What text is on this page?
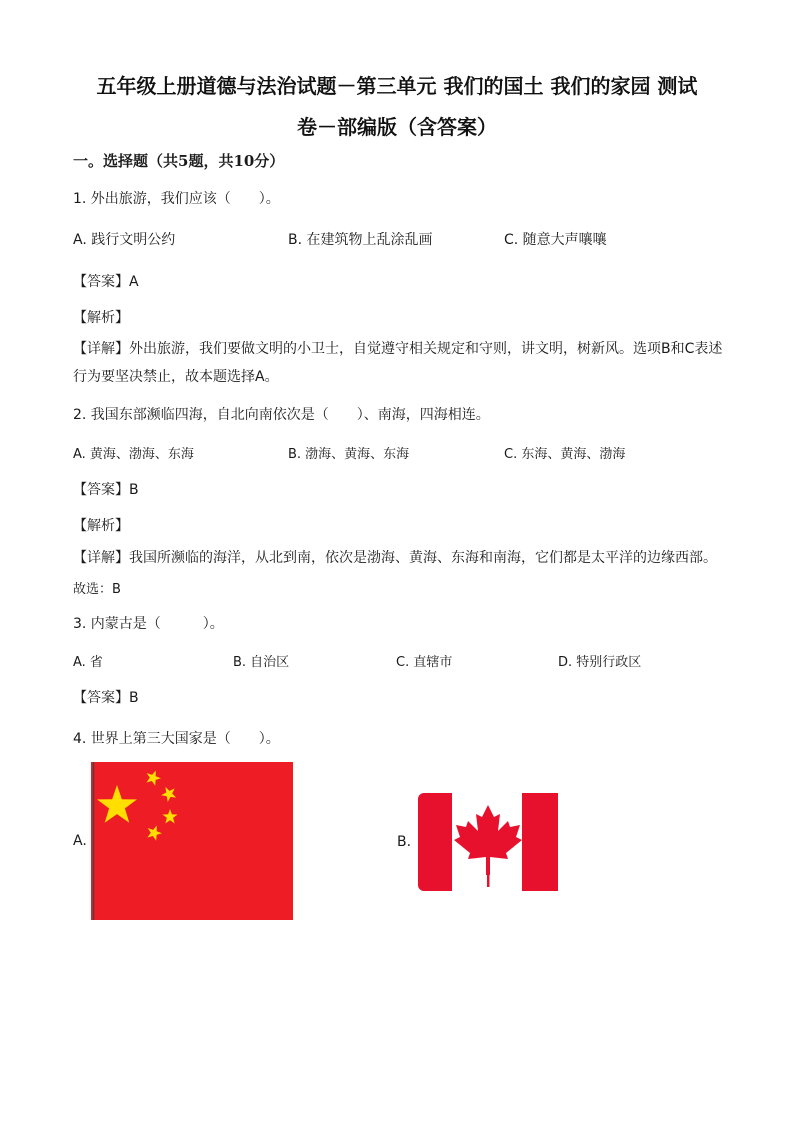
五年级上册道德与法治试题－第三单元 我们的国土 我们的家园 测试
卷－部编版（含答案）
一。选择题（共5题，共10分）
1. 外出旅游，我们应该（　　）。
A. 践行文明公约	B. 在建筑物上乱涂乱画	C. 随意大声嚷嚷
【答案】A
【解析】
【详解】外出旅游，我们要做文明的小卫士，自觉遵守相关规定和守则，讲文明，树新风。选项B和C表述行为要坚决禁止，故本题选择A。
2. 我国东部濒临四海，自北向南依次是（　　）、南海，四海相连。
A. 黄海、渤海、东海	B. 渤海、黄海、东海	C. 东海、黄海、渤海
【答案】B
【解析】
【详解】我国所濒临的海洋，从北到南，依次是渤海、黄海、东海和南海，它们都是太平洋的边缘西部。
故选：B
3. 内蒙古是（　　　）。
A. 省	B. 自治区	C. 直辖市	D. 特别行政区
【答案】B
4. 世界上第三大国家是（　　）。
A.	B.
